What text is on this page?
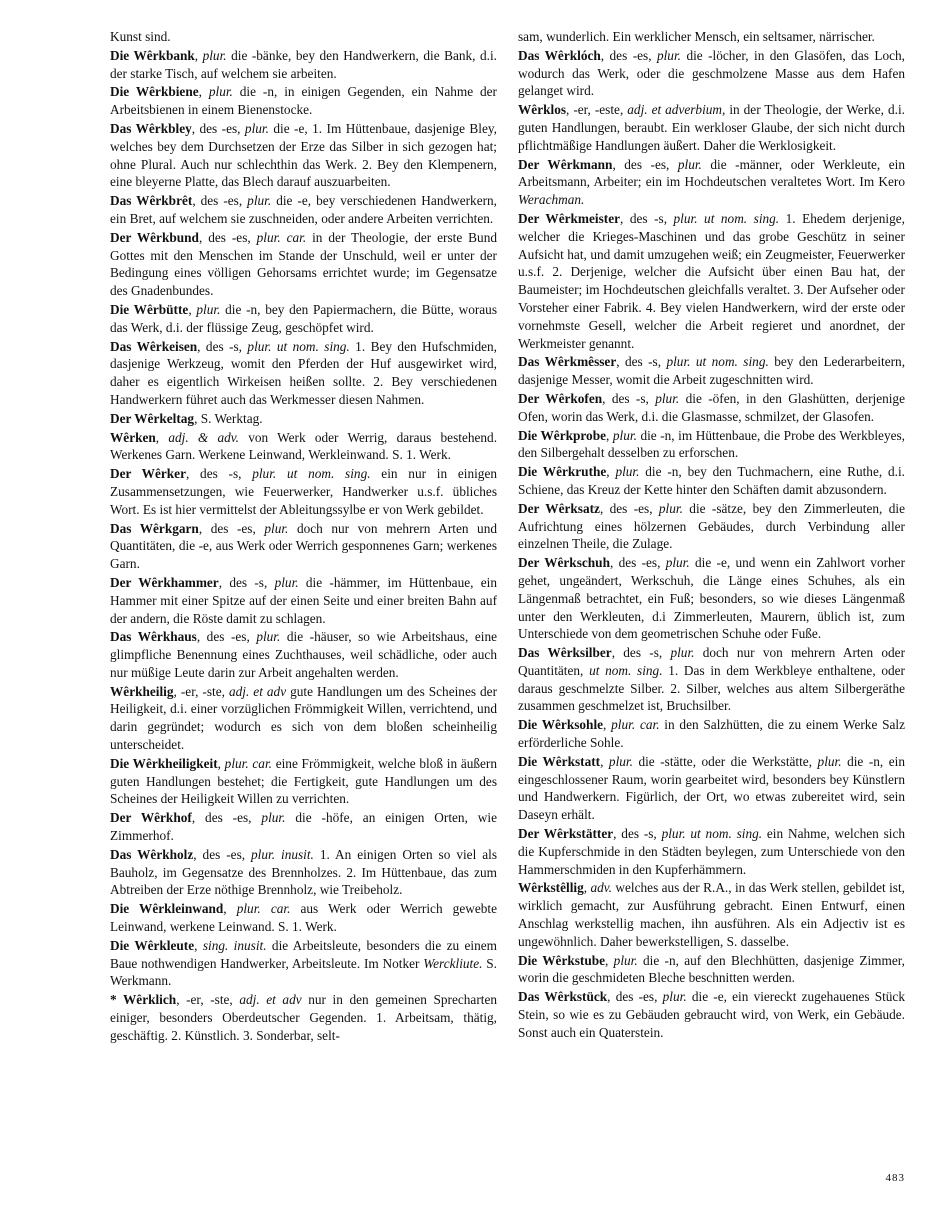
Kunst sind.
Die Wêrkbank, plur. die -bänke, bey den Handwerkern, die Bank, d.i. der starke Tisch, auf welchem sie arbeiten.
Die Wêrkbiene, plur. die -n, in einigen Gegenden, ein Nahme der Arbeitsbienen in einem Bienenstocke.
Das Wêrkbley, des -es, plur. die -e, 1. Im Hüttenbaue, dasjenige Bley, welches bey dem Durchsetzen der Erze das Silber in sich gezogen hat; ohne Plural. Auch nur schlechthin das Werk. 2. Bey den Klempenern, eine bleyerne Platte, das Blech darauf auszuarbeiten.
Das Wêrkbrêt, des -es, plur. die -e, bey verschiedenen Handwerkern, ein Bret, auf welchem sie zuschneiden, oder andere Arbeiten verrichten.
Der Wêrkbund, des -es, plur. car. in der Theologie, der erste Bund Gottes mit den Menschen im Stande der Unschuld, weil er unter der Bedingung eines völligen Gehorsams errichtet wurde; im Gegensatze des Gnadenbundes.
Die Wêrbütte, plur. die -n, bey den Papiermachern, die Bütte, woraus das Werk, d.i. der flüssige Zeug, geschöpfet wird.
Das Wêrkeisen, des -s, plur. ut nom. sing. 1. Bey den Hufschmiden, dasjenige Werkzeug, womit den Pferden der Huf ausgewirket wird, daher es eigentlich Wirkeisen heißen sollte. 2. Bey verschiedenen Handwerkern führet auch das Werkmesser diesen Nahmen.
Der Wêrkeltag, S. Werktag.
Wêrken, adj. & adv. von Werk oder Werrig, daraus bestehend. Werkenes Garn. Werkene Leinwand, Werkleinwand. S. 1. Werk.
Der Wêrker, des -s, plur. ut nom. sing. ein nur in einigen Zusammensetzungen, wie Feuerwerker, Handwerker u.s.f. übliches Wort. Es ist hier vermittelst der Ableitungssylbe er von Werk gebildet.
Das Wêrkgarn, des -es, plur. doch nur von mehrern Arten und Quantitäten, die -e, aus Werk oder Werrich gesponnenes Garn; werkenes Garn.
Der Wêrkhammer, des -s, plur. die -hämmer, im Hüttenbaue, ein Hammer mit einer Spitze auf der einen Seite und einer breiten Bahn auf der andern, die Röste damit zu schlagen.
Das Wêrkhaus, des -es, plur. die -häuser, so wie Arbeitshaus, eine glimpfliche Benennung eines Zuchthauses, weil schädliche, oder auch nur müßige Leute darin zur Arbeit angehalten werden.
Wêrkheilig, -er, -ste, adj. et adv gute Handlungen um des Scheines der Heiligkeit, d.i. einer vorzüglichen Frömmigkeit Willen, verrichtend, und darin gegründet; wodurch es sich von dem bloßen scheinheilig unterscheidet.
Die Wêrkheiligkeit, plur. car. eine Frömmigkeit, welche bloß in äußern guten Handlungen bestehet; die Fertigkeit, gute Handlungen um des Scheines der Heiligkeit Willen zu verrichten.
Der Wêrkhof, des -es, plur. die -höfe, an einigen Orten, wie Zimmerhof.
Das Wêrkholz, des -es, plur. inusit. 1. An einigen Orten so viel als Bauholz, im Gegensatze des Brennholzes. 2. Im Hüttenbaue, das zum Abtreiben der Erze nöthige Brennholz, wie Treibeholz.
Die Wêrkleinwand, plur. car. aus Werk oder Werrich gewebte Leinwand, werkene Leinwand. S. 1. Werk.
Die Wêrkleute, sing. inusit. die Arbeitsleute, besonders die zu einem Baue nothwendigen Handwerker, Arbeitsleute. Im Notker Werckliute. S. Werkmann.
* Wêrklich, -er, -ste, adj. et adv nur in den gemeinen Sprecharten einiger, besonders Oberdeutscher Gegenden. 1. Arbeitsam, thätig, geschäftig. 2. Künstlich. 3. Sonderbar, selt-
sam, wunderlich. Ein werklicher Mensch, ein seltsamer, närrischer.
Das Wêrklóch, des -es, plur. die -löcher, in den Glasöfen, das Loch, wodurch das Werk, oder die geschmolzene Masse aus dem Hafen gelanget wird.
Wêrklos, -er, -este, adj. et adverbium, in der Theologie, der Werke, d.i. guten Handlungen, beraubt. Ein werkloser Glaube, der sich nicht durch pflichtmäßige Handlungen äußert. Daher die Werklosigkeit.
Der Wêrkmann, des -es, plur. die -männer, oder Werkleute, ein Arbeitsmann, Arbeiter; ein im Hochdeutschen veraltetes Wort. Im Kero Werachman.
Der Wêrkmeister, des -s, plur. ut nom. sing. 1. Ehedem derjenige, welcher die Krieges-Maschinen und das grobe Geschütz in seiner Aufsicht hat, und damit umzugehen weiß; ein Zeugmeister, Feuerwerker u.s.f. 2. Derjenige, welcher die Aufsicht über einen Bau hat, der Baumeister; im Hochdeutschen gleichfalls veraltet. 3. Der Aufseher oder Vorsteher einer Fabrik. 4. Bey vielen Handwerkern, wird der erste oder vornehmste Gesell, welcher die Arbeit regieret und anordnet, der Werkmeister genannt.
Das Wêrkmêsser, des -s, plur. ut nom. sing. bey den Lederarbeitern, dasjenige Messer, womit die Arbeit zugeschnitten wird.
Der Wêrkofen, des -s, plur. die -öfen, in den Glashütten, derjenige Ofen, worin das Werk, d.i. die Glasmasse, schmilzet, der Glasofen.
Die Wêrkprobe, plur. die -n, im Hüttenbaue, die Probe des Werkbleyes, den Silbergehalt desselben zu erforschen.
Die Wêrkruthe, plur. die -n, bey den Tuchmachern, eine Ruthe, d.i. Schiene, das Kreuz der Kette hinter den Schäften damit abzusondern.
Der Wêrksatz, des -es, plur. die -sätze, bey den Zimmerleuten, die Aufrichtung eines hölzernen Gebäudes, durch Verbindung aller einzelnen Theile, die Zulage.
Der Wêrkschuh, des -es, plur. die -e, und wenn ein Zahlwort vorher gehet, ungeändert, Werkschuh, die Länge eines Schuhes, als ein Längenmaß betrachtet, ein Fuß; besonders, so wie dieses Längenmaß unter den Werkleuten, d.i Zimmerleuten, Maurern, üblich ist, zum Unterschiede von dem geometrischen Schuhe oder Fuße.
Das Wêrksilber, des -s, plur. doch nur von mehrern Arten oder Quantitäten, ut nom. sing. 1. Das in dem Werkbleye enthaltene, oder daraus geschmelzte Silber. 2. Silber, welches aus altem Silbergeräthe zusammen geschmelzet ist, Bruchsilber.
Die Wêrksohle, plur. car. in den Salzhütten, die zu einem Werke Salz erförderliche Sohle.
Die Wêrkstatt, plur. die -stätte, oder die Werkstätte, plur. die -n, ein eingeschlossener Raum, worin gearbeitet wird, besonders bey Künstlern und Handwerkern. Figürlich, der Ort, wo etwas zubereitet wird, sein Daseyn erhält.
Der Wêrkstätter, des -s, plur. ut nom. sing. ein Nahme, welchen sich die Kupferschmide in den Städten beylegen, zum Unterschiede von den Hammerschmiden in den Kupferhämmern.
Wêrkstêllig, adv. welches aus der R.A., in das Werk stellen, gebildet ist, wirklich gemacht, zur Ausführung gebracht. Einen Entwurf, einen Anschlag werkstellig machen, ihn ausführen. Als ein Adjectiv ist es ungewöhnlich. Daher bewerkstelligen, S. dasselbe.
Die Wêrkstube, plur. die -n, auf den Blechhütten, dasjenige Zimmer, worin die geschmideten Bleche beschnitten werden.
Das Wêrkstück, des -es, plur. die -e, ein viereckt zugehauenes Stück Stein, so wie es zu Gebäuden gebraucht wird, von Werk, ein Gebäude. Sonst auch ein Quaterstein.
483
